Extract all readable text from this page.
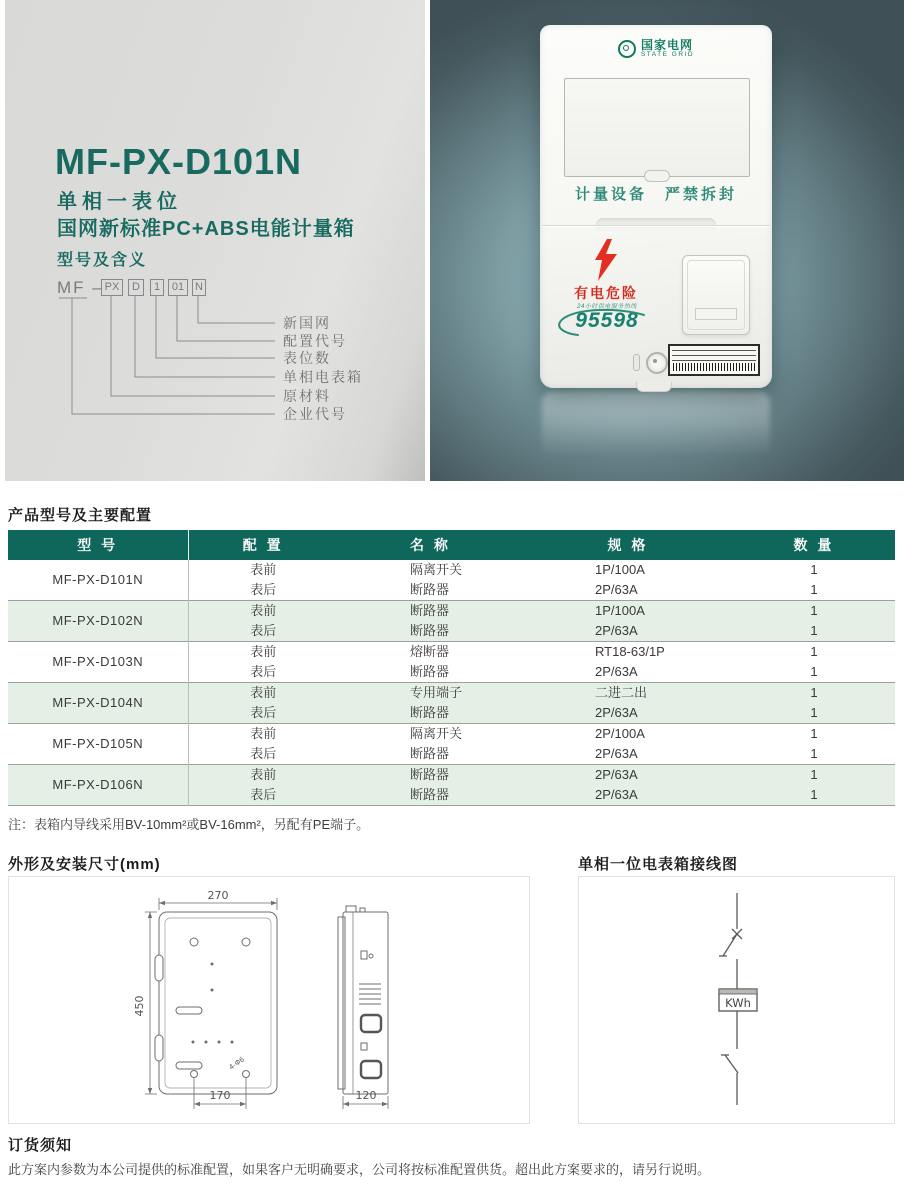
MF-PX-D101N
单相一表位
国网新标准PC+ABS电能计量箱
型号及含义
MF – PX	D	1	01 N
新国网
配置代号
表位数
单相电表箱
原材料
企业代号
国家电网
STATE GRID
计量设备　严禁拆封
有电危险
24小时供电服务热线
95598
产品型号及主要配置
型 号	配 置	名 称	规 格	数 量
MF-PX-D101N	表前	隔离开关	1P/100A	1
	表后	断路器	2P/63A	1
MF-PX-D102N	表前	断路器	1P/100A	1
	表后	断路器	2P/63A	1
MF-PX-D103N	表前	熔断器	RT18-63/1P	1
	表后	断路器	2P/63A	1
MF-PX-D104N	表前	专用端子	二进二出	1
	表后	断路器	2P/63A	1
MF-PX-D105N	表前	隔离开关	2P/100A	1
	表后	断路器	2P/63A	1
MF-PX-D106N	表前	断路器	2P/63A	1
	表后	断路器	2P/63A	1
注：表箱内导线采用BV-10mm²或BV-16mm²，另配有PE端子。
外形及安装尺寸(mm)
270
450
170
4-Φ6
120
单相一位电表箱接线图
KWh
订货须知
此方案内参数为本公司提供的标准配置，如果客户无明确要求，公司将按标准配置供货。超出此方案要求的，请另行说明。
